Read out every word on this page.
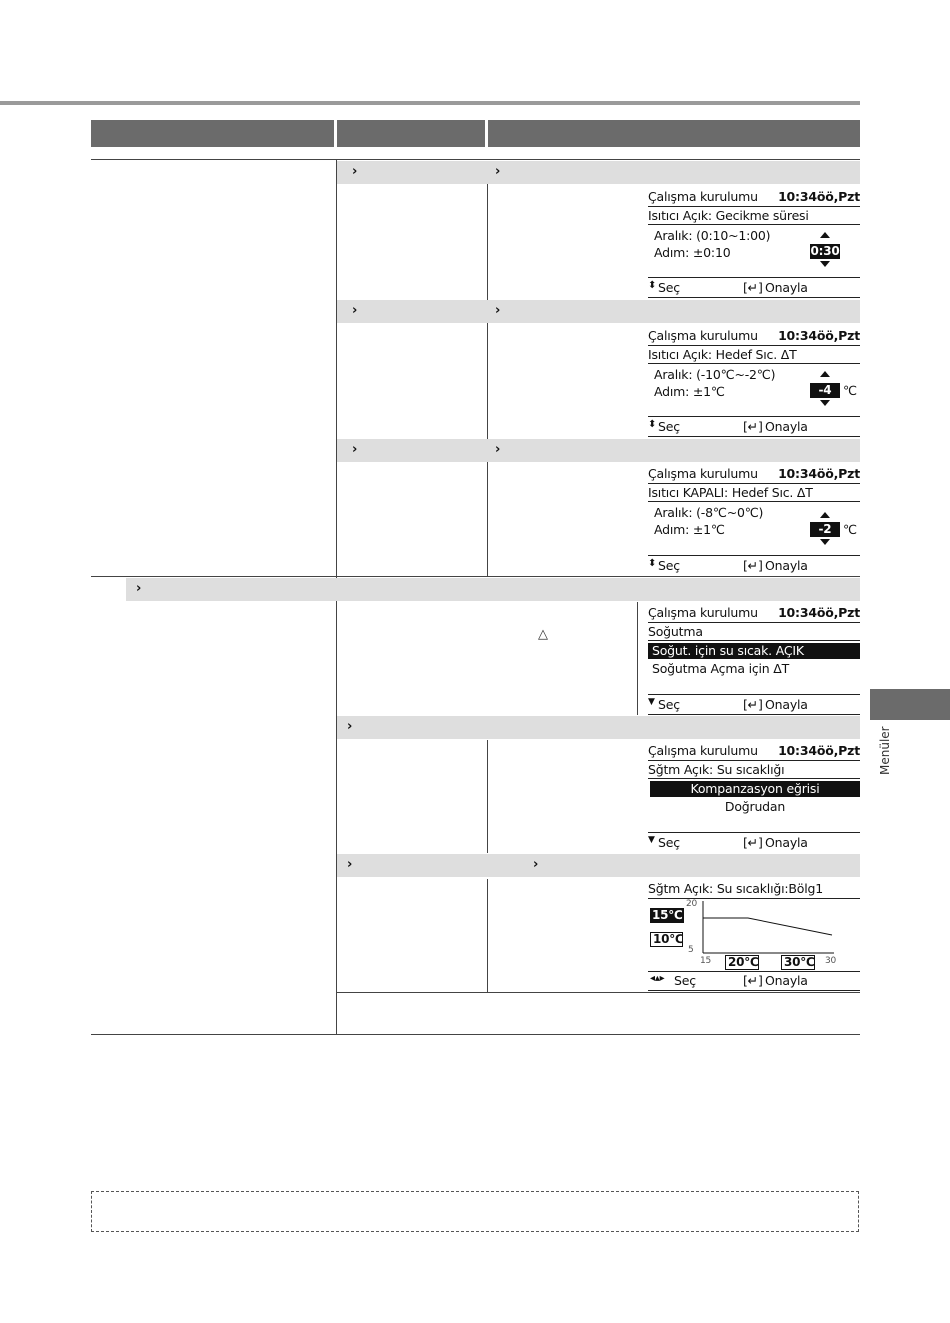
›	›
›	›
›	›
›
›
›	›
△
Çalışma kurulumu 10:34öö,Pzt
Isıtıcı Açık: Gecikme süresi
Aralık: (0:10~1:00)
Adım: ±0:10	0:30
⬍ Seç	[↵] Onayla
Çalışma kurulumu 10:34öö,Pzt
Isıtıcı Açık: Hedef Sıc. ΔT
Aralık: (-10℃~-2℃)
Adım: ±1℃	-4 ℃
⬍ Seç	[↵] Onayla
Çalışma kurulumu 10:34öö,Pzt
Isıtıcı KAPALI: Hedef Sıc. ΔT
Aralık: (-8℃~0℃)
Adım: ±1℃	-2 ℃
⬍ Seç	[↵] Onayla
Çalışma kurulumu 10:34öö,Pzt
Soğutma
Soğut. için su sıcak. AÇIK
Soğutma Açma için ΔT
▼ Seç	[↵] Onayla
Çalışma kurulumu 10:34öö,Pzt
Sğtm Açık: Su sıcaklığı
Kompanzasyon eğrisi
Doğrudan
▼ Seç	[↵] Onayla
Sğtm Açık: Su sıcaklığı:Bölg1
20
5
15℃
10℃
15 20℃ 30℃ 30
◂▴▸ Seç	[↵] Onayla
Menüler
